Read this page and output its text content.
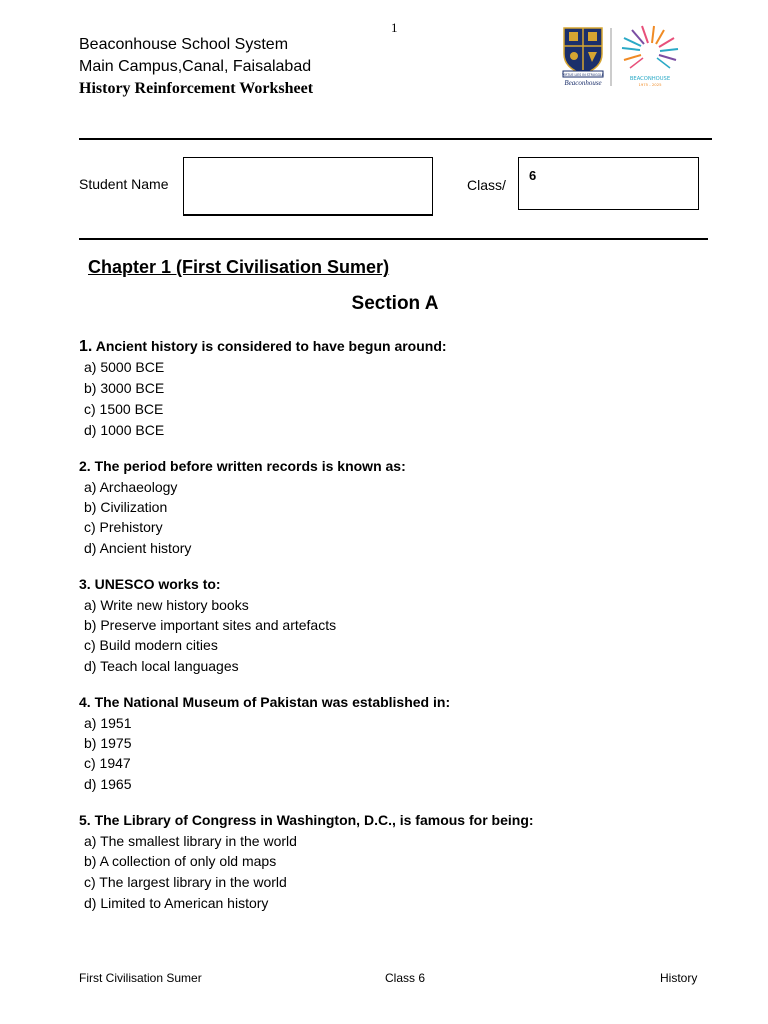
1
Beaconhouse School System
Main Campus,Canal, Faisalabad
History Reinforcement Worksheet
VIRTUE LIES IN STRUGGLE
Beaconhouse	BEACONHOUSE
1975 - 2025
Student Name	Class/
6
Chapter 1 (First Civilisation Sumer)
Section A
1. Ancient history is considered to have begun around:
a) 5000 BCE
b) 3000 BCE
c) 1500 BCE
d) 1000 BCE
2. The period before written records is known as:
a) Archaeology
b) Civilization
c) Prehistory
d) Ancient history
3. UNESCO works to:
a) Write new history books
b) Preserve important sites and artefacts
c) Build modern cities
d) Teach local languages
4. The National Museum of Pakistan was established in:
a) 1951
b) 1975
c) 1947
d) 1965
5. The Library of Congress in Washington, D.C., is famous for being:
a) The smallest library in the world
b) A collection of only old maps
c) The largest library in the world
d) Limited to American history
First Civilisation Sumer	Class 6	History
